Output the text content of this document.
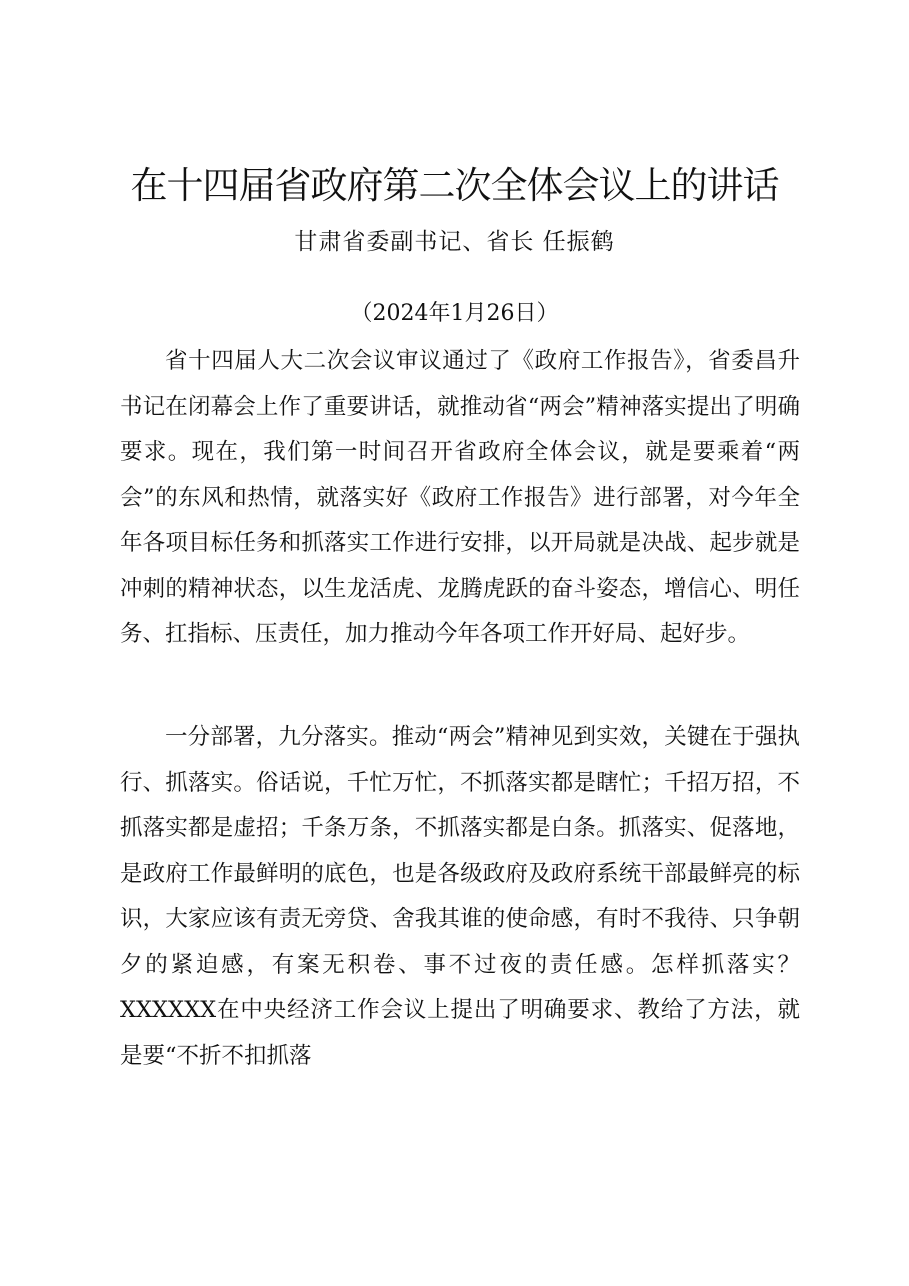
在十四届省政府第二次全体会议上的讲话
甘肃省委副书记、省长 任振鹤
（2024年1月26日）

省十四届人大二次会议审议通过了《政府工作报告》，省委昌升书记在闭幕会上作了重要讲话，就推动省“两会”精神落实提出了明确要求。现在，我们第一时间召开省政府全体会议，就是要乘着“两会”的东风和热情，就落实好《政府工作报告》进行部署，对今年全年各项目标任务和抓落实工作进行安排，以开局就是决战、起步就是冲刺的精神状态，以生龙活虎、龙腾虎跃的奋斗姿态，增信心、明任务、扛指标、压责任，加力推动今年各项工作开好局、起好步。

一分部署，九分落实。推动“两会”精神见到实效，关键在于强执行、抓落实。俗话说，千忙万忙，不抓落实都是瞎忙；千招万招，不抓落实都是虚招；千条万条，不抓落实都是白条。抓落实、促落地，是政府工作最鲜明的底色，也是各级政府及政府系统干部最鲜亮的标识，大家应该有责无旁贷、舍我其谁的使命感，有时不我待、只争朝夕的紧迫感，有案无积卷、事不过夜的责任感。怎样抓落实？XXXXXX在中央经济工作会议上提出了明确要求、教给了方法，就是要“不折不扣抓落
